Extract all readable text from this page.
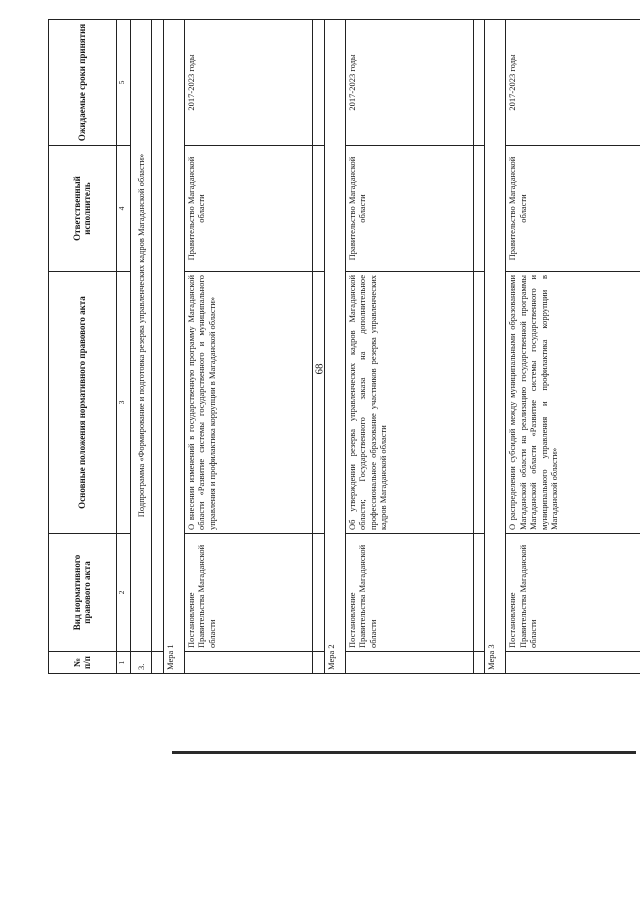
68
№ п/п	Вид нормативного правового акта	Основные положения нормативного правового акта	Ответственный исполнитель	Ожидаемые сроки принятия
1	2	3	4	5
3.	Подпрограмма «Формирование и подготовка резерва управленческих кадров Магаданской области»			

Мера 1				
	Постановление Правительства Магаданской области	О внесении изменений в государственную программу Магаданской области «Развитие системы государственного и муниципального управления и профилактика коррупции в Магаданской области»	Правительство Магаданской области	2017-2023 годы

Мера 2				
	Постановление Правительства Магаданской области	Об утверждении резерва управленческих кадров Магаданской области; Государственного заказа на дополнительное профессиональное образование участников резерва управленческих кадров Магаданской области	Правительство Магаданской области	2017-2023 годы

Мера 3				
	Постановление Правительства Магаданской области	О распределении субсидий между муниципальными образованиями Магаданской области на реализацию государственной программы Магаданской области «Развитие системы государственного и муниципального управления и профилактика коррупции в Магаданской области»	Правительство Магаданской области	2017-2023 годы
